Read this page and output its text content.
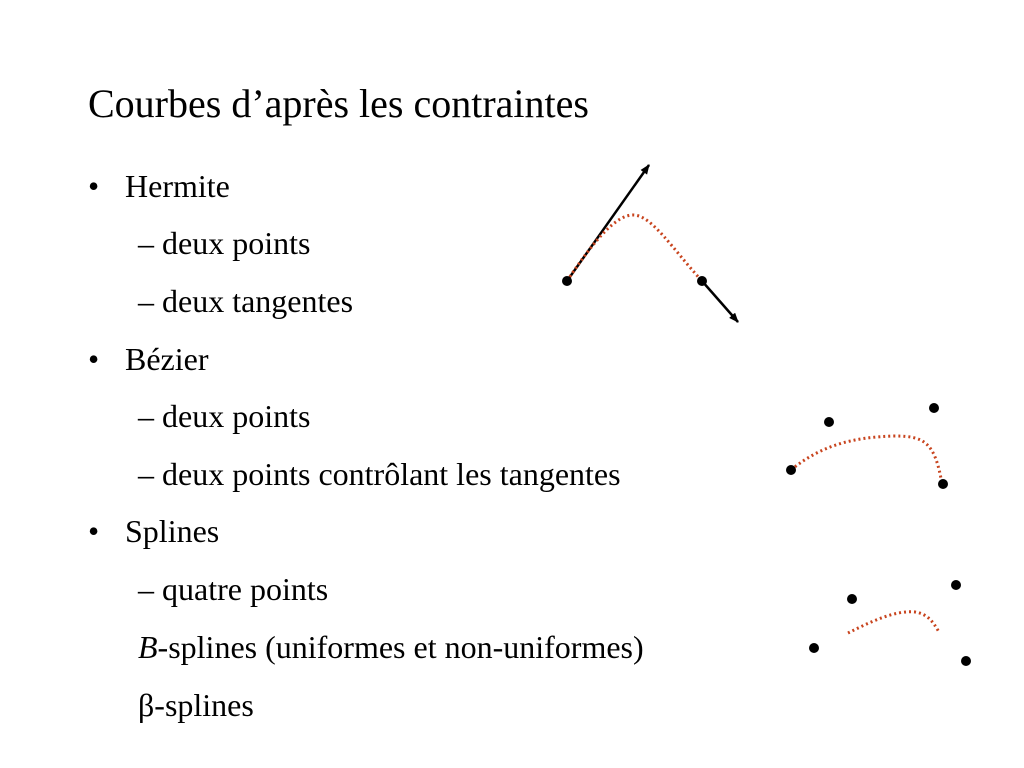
Courbes d’après les contraintes
• Hermite
– deux points
– deux tangentes
• Bézier
– deux points
– deux points contrôlant les tangentes
• Splines
– quatre points
B-splines (uniformes et non-uniformes)
β-splines
